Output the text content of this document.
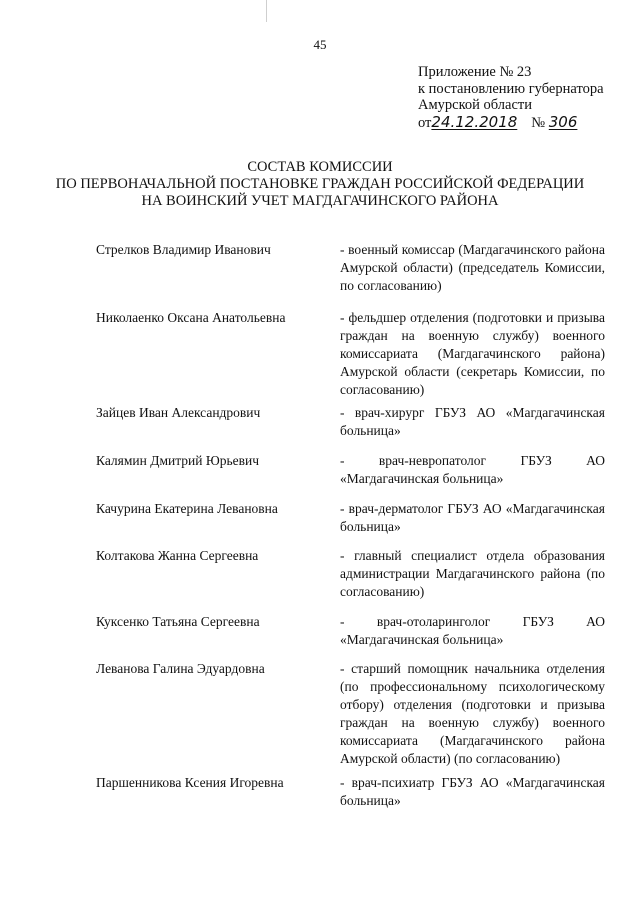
45
Приложение № 23
к постановлению губернатора
Амурской области
от24.12.2018 № 306
СОСТАВ КОМИССИИ
ПО ПЕРВОНАЧАЛЬНОЙ ПОСТАНОВКЕ ГРАЖДАН РОССИЙСКОЙ ФЕДЕРАЦИИ
НА ВОИНСКИЙ УЧЕТ МАГДАГАЧИНСКОГО РАЙОНА
Стрелков Владимир Иванович	- военный комиссар (Магдагачинского района Амурской области) (председатель Комиссии, по согласованию)
Николаенко Оксана Анатольевна	- фельдшер отделения (подготовки и призыва граждан на военную службу) военного комиссариата (Магдагачинского района) Амурской области (секретарь Комиссии, по согласованию)
Зайцев Иван Александрович	- врач-хирург ГБУЗ АО «Магдагачинская больница»
Калямин Дмитрий Юрьевич	- врач-невропатолог ГБУЗ АО «Магдагачинская больница»
Качурина Екатерина Левановна	- врач-дерматолог ГБУЗ АО «Магдагачинская больница»
Колтакова Жанна Сергеевна	- главный специалист отдела образования администрации Магдагачинского района (по согласованию)
Куксенко Татьяна Сергеевна	- врач-отоларинголог ГБУЗ АО «Магдагачинская больница»
Леванова Галина Эдуардовна	- старший помощник начальника отделения (по профессиональному психологическому отбору) отделения (подготовки и призыва граждан на военную службу) военного комиссариата (Магдагачинского района Амурской области) (по согласованию)
Паршенникова Ксения Игоревна	- врач-психиатр ГБУЗ АО «Магдагачинская больница»
